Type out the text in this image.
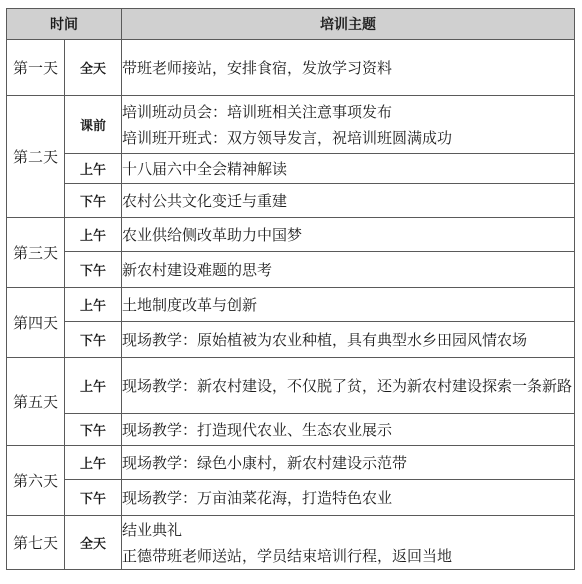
时间		培训主题
第一天	全天	带班老师接站，安排食宿，发放学习资料

第二天	课前	培训班动员会：培训班相关注意事项发布
培训班开班式：双方领导发言，祝培训班圆满成功

	上午	十八届六中全会精神解读

	下午	农村公共文化变迁与重建

第三天	上午	农业供给侧改革助力中国梦

	下午	新农村建设难题的思考

第四天	上午	土地制度改革与创新

	下午	现场教学：原始植被为农业种植，具有典型水乡田园风情农场

第五天	上午	现场教学：新农村建设，不仅脱了贫，还为新农村建设探索一条新路

	下午	现场教学：打造现代农业、生态农业展示

第六天	上午	现场教学：绿色小康村，新农村建设示范带

	下午	现场教学：万亩油菜花海，打造特色农业

第七天	全天	结业典礼
正德带班老师送站，学员结束培训行程，返回当地
